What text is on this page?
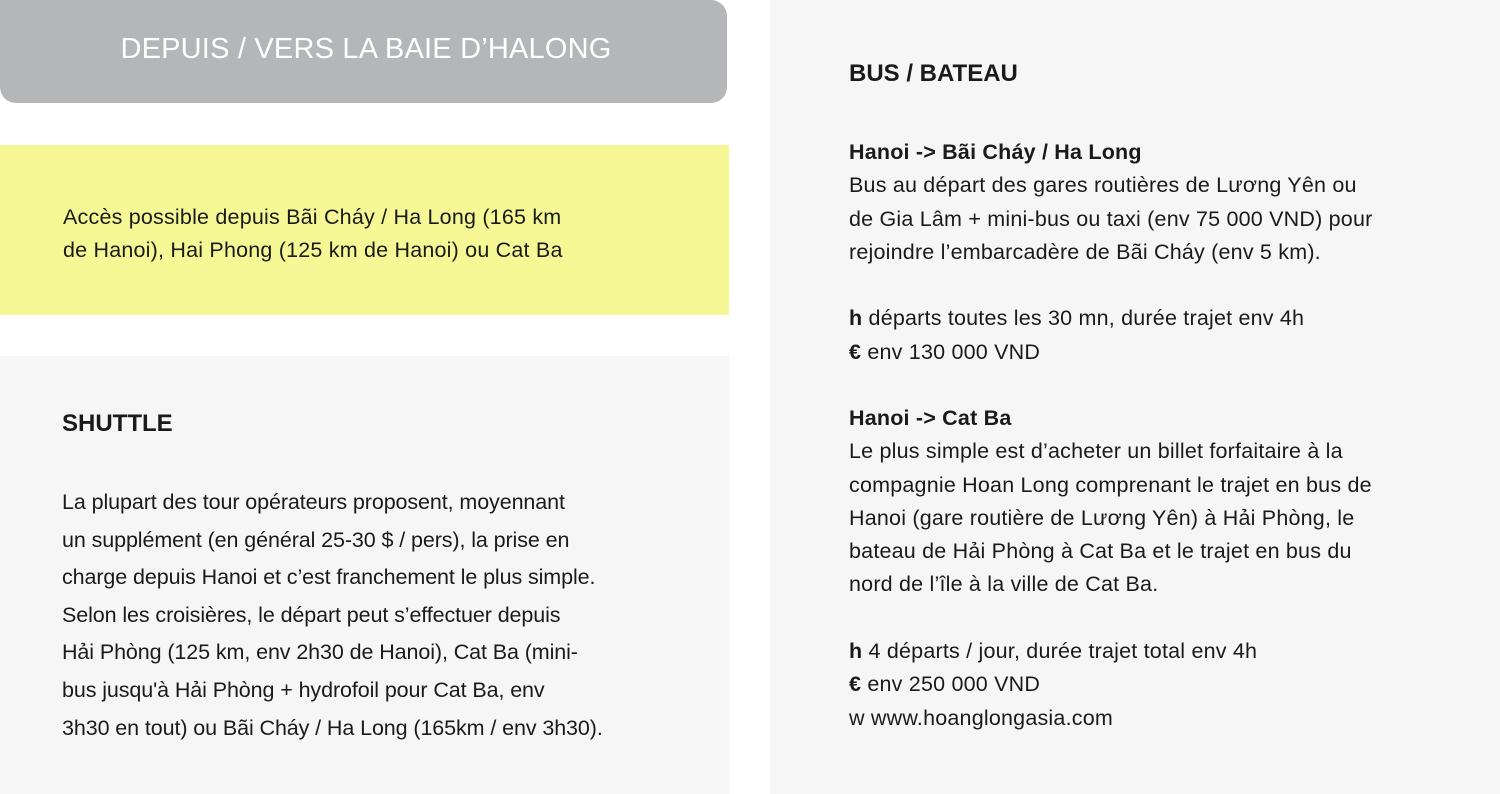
DEPUIS / VERS LA BAIE D’HALONG

Accès possible depuis Bãi Cháy / Ha Long (165 km
de Hanoi), Hai Phong (125 km de Hanoi) ou Cat Ba

SHUTTLE

La plupart des tour opérateurs proposent, moyennant
un supplément (en général 25-30 $ / pers), la prise en
charge depuis Hanoi et c’est franchement le plus simple.
Selon les croisières, le départ peut s’effectuer depuis
Hải Phòng (125 km, env 2h30 de Hanoi), Cat Ba (mini-
bus jusqu'à Hải Phòng + hydrofoil pour Cat Ba, env
3h30 en tout) ou Bãi Cháy / Ha Long (165km / env 3h30).

BUS / BATEAU
Hanoi -> Bãi Cháy / Ha Long
Bus au départ des gares routières de Lương Yên ou
de Gia Lâm + mini-bus ou taxi (env 75 000 VND) pour
rejoindre l’embarcadère de Bãi Cháy (env 5 km).

h départs toutes les 30 mn, durée trajet env 4h
€ env 130 000 VND
Hanoi -> Cat Ba
Le plus simple est d’acheter un billet forfaitaire à la
compagnie Hoan Long comprenant le trajet en bus de
Hanoi (gare routière de Lương Yên) à Hải Phòng, le
bateau de Hải Phòng à Cat Ba et le trajet en bus du
nord de l’île à la ville de Cat Ba.

h 4 départs / jour, durée trajet total env 4h
€ env 250 000 VND
w www.hoanglongasia.com
